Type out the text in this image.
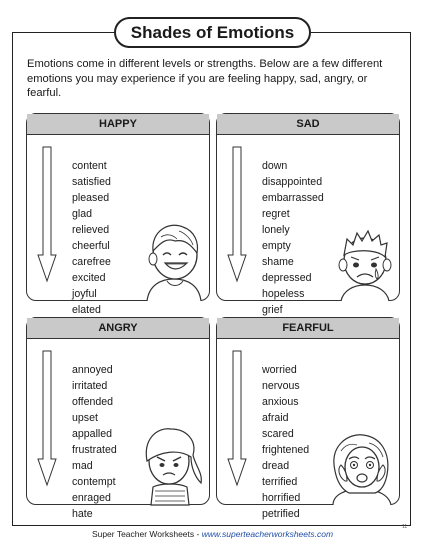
Shades of Emotions
Emotions come in different levels or strengths. Below are a few different emotions you may experience if you are feeling happy, sad, angry, or fearful.
HAPPY
content
satisfied
pleased
glad
relieved
cheerful
carefree
excited
joyful
elated
SAD
down
disappointed
embarrassed
regret
lonely
empty
shame
depressed
hopeless
grief
ANGRY
annoyed
irritated
offended
upset
appalled
frustrated
mad
contempt
enraged
hate
FEARFUL
worried
nervous
anxious
afraid
scared
frightened
dread
terrified
horrified
petrified
Super Teacher Worksheets - www.superteacherworksheets.com
11
